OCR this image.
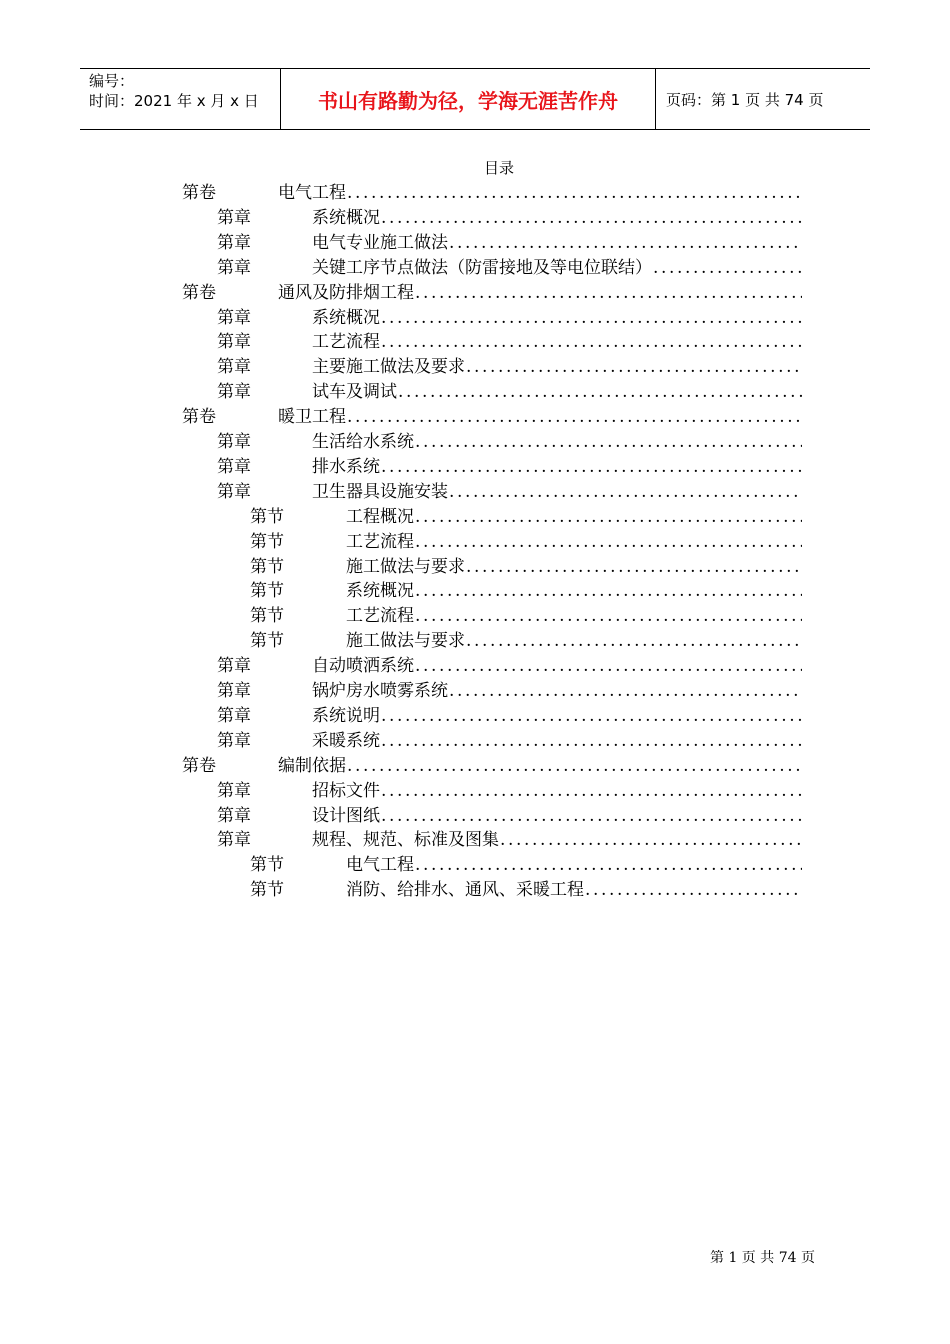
编号：
时间：2021 年 x 月 x 日	书山有路勤为径，学海无涯苦作舟	页码：第 1 页 共 74 页
目录
第卷	电气工程
.....
第章	系统概况
.....
第章	电气专业施工做法
.....
第章	关键工序节点做法（防雷接地及等电位联结）
.....
第卷	通风及防排烟工程
.....
第章	系统概况
.....
第章	工艺流程
.....
第章	主要施工做法及要求
.....
第章	试车及调试
.....
第卷	暖卫工程
.....
第章	生活给水系统
.....
第章	排水系统
.....
第章	卫生器具设施安装
.....
第节	工程概况
.....
第节	工艺流程
.....
第节	施工做法与要求
.....
第节	系统概况
.....
第节	工艺流程
.....
第节	施工做法与要求
.....
第章	自动喷洒系统
.....
第章	锅炉房水喷雾系统
.....
第章	系统说明
.....
第章	采暖系统
.....
第卷	编制依据
.....
第章	招标文件
.....
第章	设计图纸
.....
第章	规程、规范、标准及图集
.....
第节	电气工程
.....
第节	消防、给排水、通风、采暖工程
.....
第 1 页 共 74 页
